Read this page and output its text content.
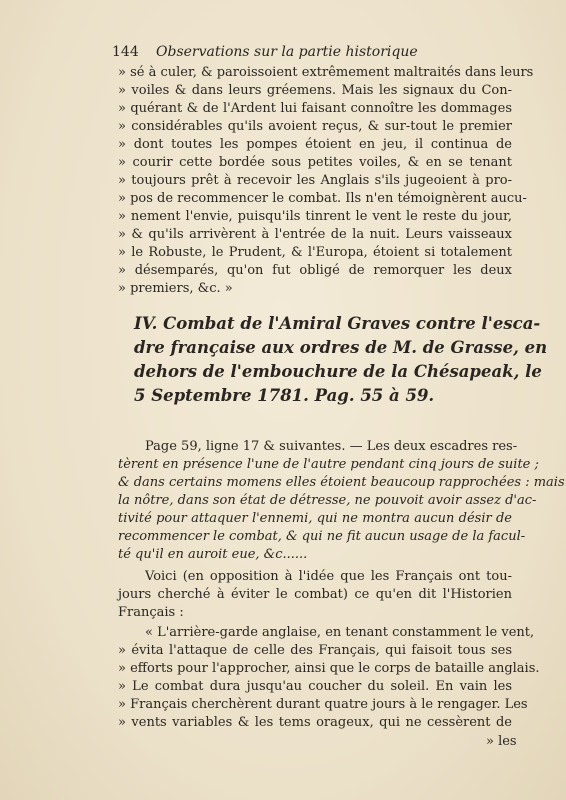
144 Observations sur la partie historique
» sé à culer, & paroissoient extrêmement maltraités dans leurs
» voiles & dans leurs gréemens. Mais les signaux du Con-
» quérant & de l'Ardent lui faisant connoître les dommages
» considérables qu'ils avoient reçus, & sur-tout le premier
» dont toutes les pompes étoient en jeu, il continua de
» courir cette bordée sous petites voiles, & en se tenant
» toujours prêt à recevoir les Anglais s'ils jugeoient à pro-
» pos de recommencer le combat. Ils n'en témoignèrent aucu-
» nement l'envie, puisqu'ils tinrent le vent le reste du jour,
» & qu'ils arrivèrent à l'entrée de la nuit. Leurs vaisseaux
» le Robuste, le Prudent, & l'Europa, étoient si totalement
» désemparés, qu'on fut obligé de remorquer les deux
» premiers, &c. »
IV. Combat de l'Amiral Graves contre l'esca-
dre française aux ordres de M. de Grasse, en
dehors de l'embouchure de la Chésapeak, le
5 Septembre 1781. Pag. 55 à 59.
Page 59, ligne 17 & suivantes. — Les deux escadres res-
tèrent en présence l'une de l'autre pendant cinq jours de suite ;
& dans certains momens elles étoient beaucoup rapprochées : mais
la nôtre, dans son état de détresse, ne pouvoit avoir assez d'ac-
tivité pour attaquer l'ennemi, qui ne montra aucun désir de
recommencer le combat, & qui ne fit aucun usage de la facul-
té qu'il en auroit eue, &c......
Voici (en opposition à l'idée que les Français ont tou-
jours cherché à éviter le combat) ce qu'en dit l'Historien
Français :
« L'arrière-garde anglaise, en tenant constamment le vent,
» évita l'attaque de celle des Français, qui faisoit tous ses
» efforts pour l'approcher, ainsi que le corps de bataille anglais.
» Le combat dura jusqu'au coucher du soleil. En vain les
» Français cherchèrent durant quatre jours à le rengager. Les
» vents variables & les tems orageux, qui ne cessèrent de
» les
